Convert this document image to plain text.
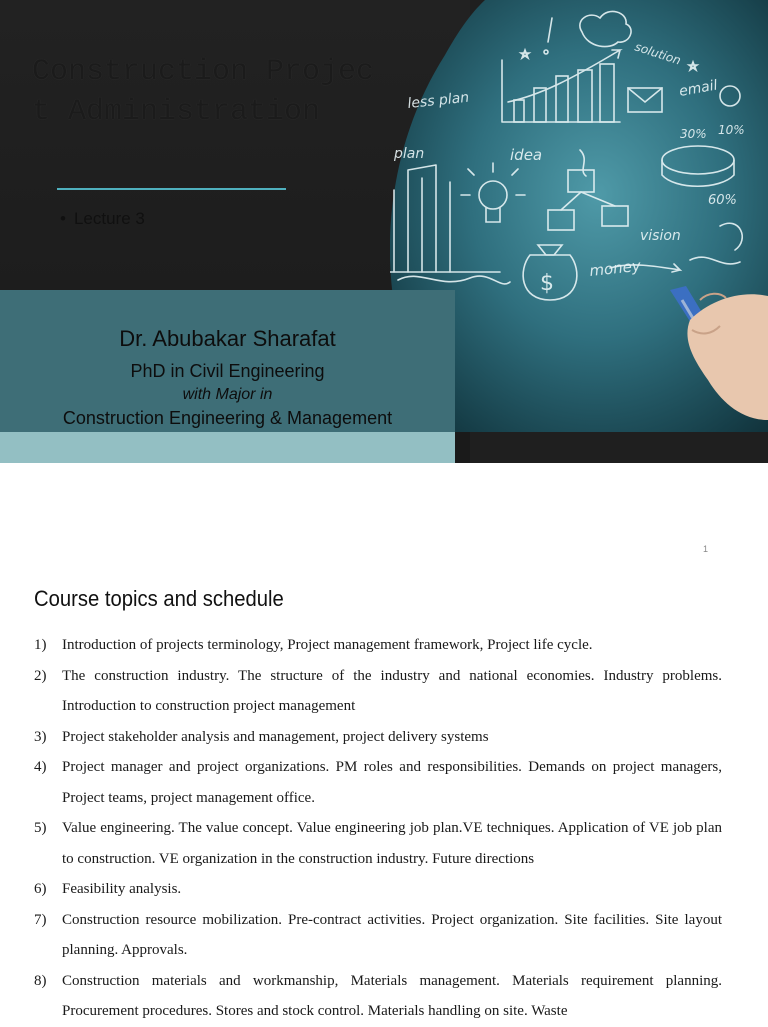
less plan
plan	idea
solution
email
money
vision
30% 10%
60%
$
Construction Projec
t Administration
• Lecture 3
Dr. Abubakar Sharafat
PhD in Civil Engineering
with Major in
Construction Engineering & Management
1
Course topics and schedule
1) Introduction of projects terminology, Project management framework, Project life cycle.
2) The construction industry. The structure of the industry and national economies. Industry problems. Introduction to construction project management
3) Project stakeholder analysis and management, project delivery systems
4) Project manager and project organizations. PM roles and responsibilities. Demands on project managers, Project teams, project management office.
5) Value engineering. The value concept. Value engineering job plan.VE techniques. Application of VE job plan to construction. VE organization in the construction industry. Future directions
6) Feasibility analysis.
7) Construction resource mobilization. Pre-contract activities. Project organization. Site facilities. Site layout planning. Approvals.
8) Construction materials and workmanship, Materials management. Materials requirement planning. Procurement procedures. Stores and stock control. Materials handling on site. Waste
